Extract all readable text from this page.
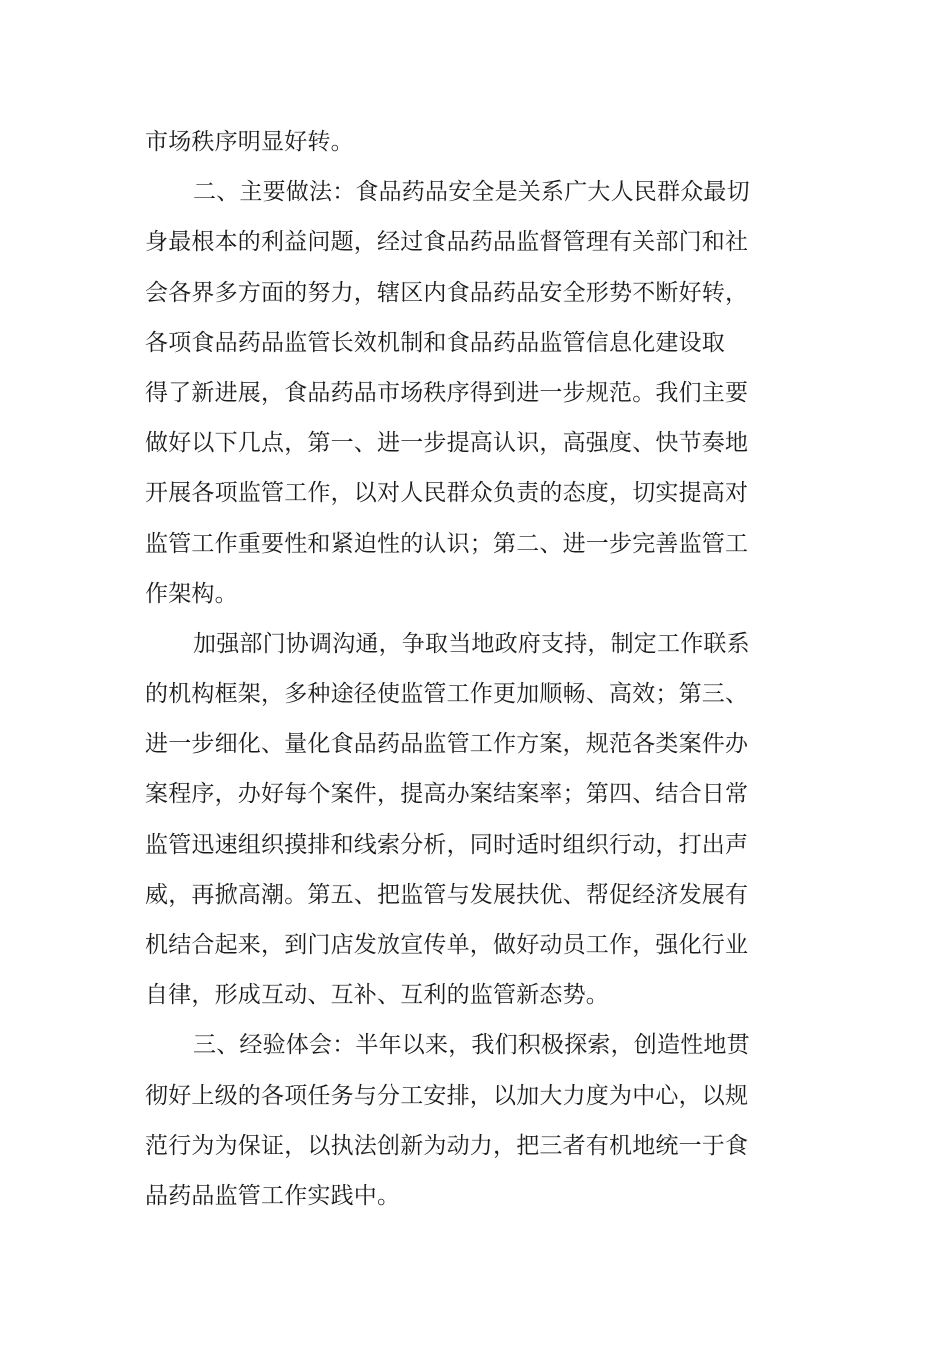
市场秩序明显好转。
二、主要做法：食品药品安全是关系广大人民群众最切
身最根本的利益问题，经过食品药品监督管理有关部门和社
会各界多方面的努力，辖区内食品药品安全形势不断好转，
各项食品药品监管长效机制和食品药品监管信息化建设取
得了新进展，食品药品市场秩序得到进一步规范。我们主要
做好以下几点，第一、进一步提高认识，高强度、快节奏地
开展各项监管工作，以对人民群众负责的态度，切实提高对
监管工作重要性和紧迫性的认识；第二、进一步完善监管工
作架构。
加强部门协调沟通，争取当地政府支持，制定工作联系
的机构框架，多种途径使监管工作更加顺畅、高效；第三、
进一步细化、量化食品药品监管工作方案，规范各类案件办
案程序，办好每个案件，提高办案结案率；第四、结合日常
监管迅速组织摸排和线索分析，同时适时组织行动，打出声
威，再掀高潮。第五、把监管与发展扶优、帮促经济发展有
机结合起来，到门店发放宣传单，做好动员工作，强化行业
自律，形成互动、互补、互利的监管新态势。
三、经验体会：半年以来，我们积极探索，创造性地贯
彻好上级的各项任务与分工安排，以加大力度为中心，以规
范行为为保证，以执法创新为动力，把三者有机地统一于食
品药品监管工作实践中。
